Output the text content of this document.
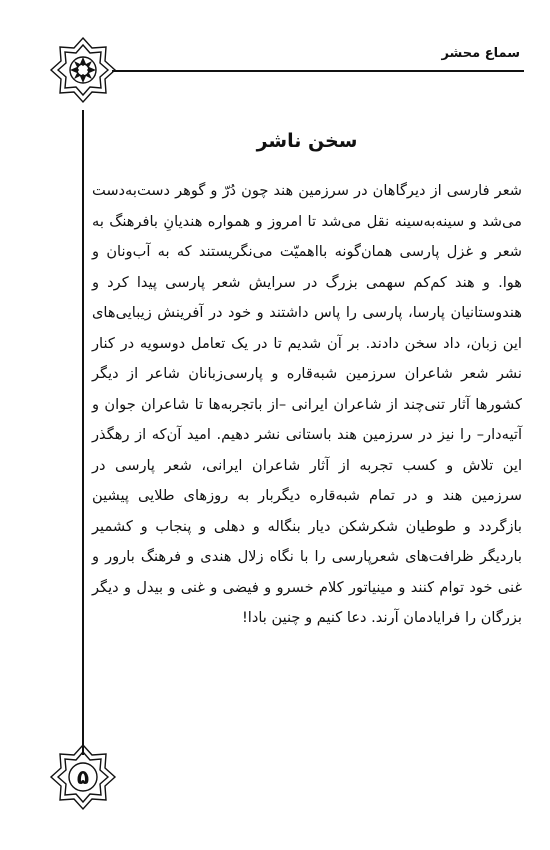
سماع محشر
سخن ناشر

شعر فارسی از دیرگاهان در سرزمین هند چون دُرّ و گوهر دست‌به‌دست می‌شد و سینه‌به‌سینه نقل می‌شد تا امروز و همواره هندیانِ بافرهنگ به شعر و غزل پارسی همان‌گونه بااهمیّت می‌نگریستند که به آب‌ونان و هوا. و هند کم‌کم سهمی بزرگ در سرایش شعر پارسی پیدا کرد و هندوستانیان پارسا، پارسی را پاس داشتند و خود در آفرینش زیبایی‌های این زبان، داد سخن دادند. بر آن شدیم تا در یک تعامل دوسویه در کنار نشر شعر شاعران سرزمین شبه‌قاره و پارسی‌زبانان شاعر از دیگر کشورها آثار تنی‌چند از شاعران ایرانی –از باتجربه‌ها تا شاعران جوان و آتیه‌دار– را نیز در سرزمین هند باستانی نشر دهیم. امید آن‌که از رهگذر این تلاش و کسب تجربه از آثار شاعران ایرانی، شعر پارسی در سرزمین هند و در تمام شبه‌قاره دیگربار به روزهای طلایی پیشین بازگردد و طوطیان شکرشکن دیار بنگاله و دهلی و پنجاب و کشمیر باردیگر ظرافت‌های شعرپارسی را با نگاه زلال هندی و فرهنگ بارور و غنی خود توام کنند و مینیاتور کلام خسرو و فیضی و غنی و بیدل و دیگر بزرگان را فرایادمان آرند. دعا کنیم و چنین بادا!

۵
